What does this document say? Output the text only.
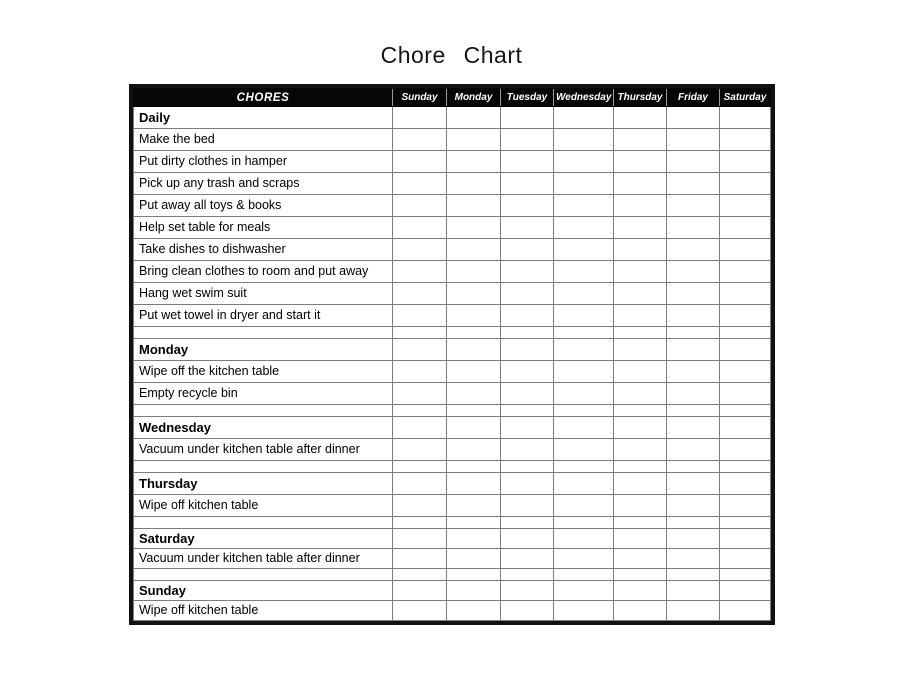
Chore Chart
CHORES	Sunday	Monday	Tuesday	Wednesday	Thursday	Friday	Saturday
Daily							
Make the bed							
Put dirty clothes in hamper							
Pick up any trash and scraps							
Put away all toys & books							
Help set table for meals							
Take dishes to dishwasher							
Bring clean clothes to room and put away							
Hang wet swim suit							
Put wet towel in dryer and start it							

Monday							
Wipe off the kitchen table							
Empty recycle bin							

Wednesday							
Vacuum under kitchen table after dinner							

Thursday							
Wipe off kitchen table							

Saturday							
Vacuum under kitchen table after dinner							

Sunday							
Wipe off kitchen table							
